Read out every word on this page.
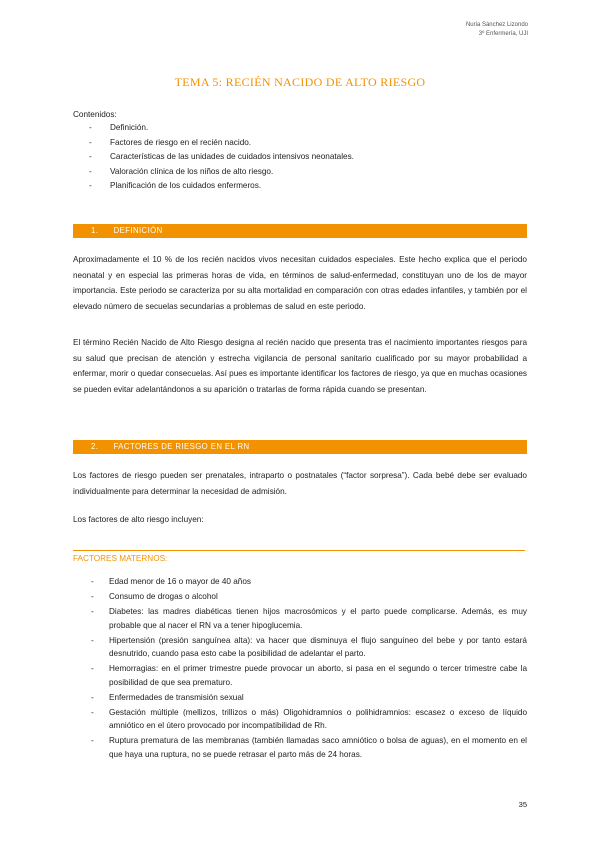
Nuria Sánchez Lizondo
3º Enfermería, UJI
TEMA 5: RECIÉN NACIDO DE ALTO RIESGO
Contenidos:
- Definición.
- Factores de riesgo en el recién nacido.
- Características de las unidades de cuidados intensivos neonatales.
- Valoración clínica de los niños de alto riesgo.
- Planificación de los cuidados enfermeros.
1. DEFINICIÓN

Aproximadamente el 10 % de los recién nacidos vivos necesitan cuidados especiales. Este hecho explica que el periodo neonatal y en especial las primeras horas de vida, en términos de salud-enfermedad, constituyan uno de los de mayor importancia. Este periodo se caracteriza por su alta mortalidad en comparación con otras edades infantiles, y también por el elevado número de secuelas secundarias a problemas de salud en este periodo.

El término Recién Nacido de Alto Riesgo designa al recién nacido que presenta tras el nacimiento importantes riesgos para su salud que precisan de atención y estrecha vigilancia de personal sanitario cualificado por su mayor probabilidad a enfermar, morir o quedar consecuelas. Así pues es importante identificar los factores de riesgo, ya que en muchas ocasiones se pueden evitar adelantándonos a su aparición o tratarlas de forma rápida cuando se presentan.

2. FACTORES DE RIESGO EN EL RN

Los factores de riesgo pueden ser prenatales, intraparto o postnatales (“factor sorpresa”). Cada bebé debe ser evaluado individualmente para determinar la necesidad de admisión.

Los factores de alto riesgo incluyen:

FACTORES MATERNOS:
- Edad menor de 16 o mayor de 40 años
- Consumo de drogas o alcohol
- Diabetes: las madres diabéticas tienen hijos macrosómicos y el parto puede complicarse. Además, es muy probable que al nacer el RN va a tener hipoglucemia.
- Hipertensión (presión sanguínea alta): va hacer que disminuya el flujo sanguíneo del bebe y por tanto estará desnutrido, cuando pasa esto cabe la posibilidad de adelantar el parto.
- Hemorragias: en el primer trimestre puede provocar un aborto, si pasa en el segundo o tercer trimestre cabe la posibilidad de que sea prematuro.
- Enfermedades de transmisión sexual
- Gestación múltiple (mellizos, trillizos o más) Oligohidramnios o polihidramnios: escasez o exceso de líquido amniótico en el útero provocado por incompatibilidad de Rh.
- Ruptura prematura de las membranas (también llamadas saco amniótico o bolsa de aguas), en el momento en el que haya una ruptura, no se puede retrasar el parto más de 24 horas.
35
